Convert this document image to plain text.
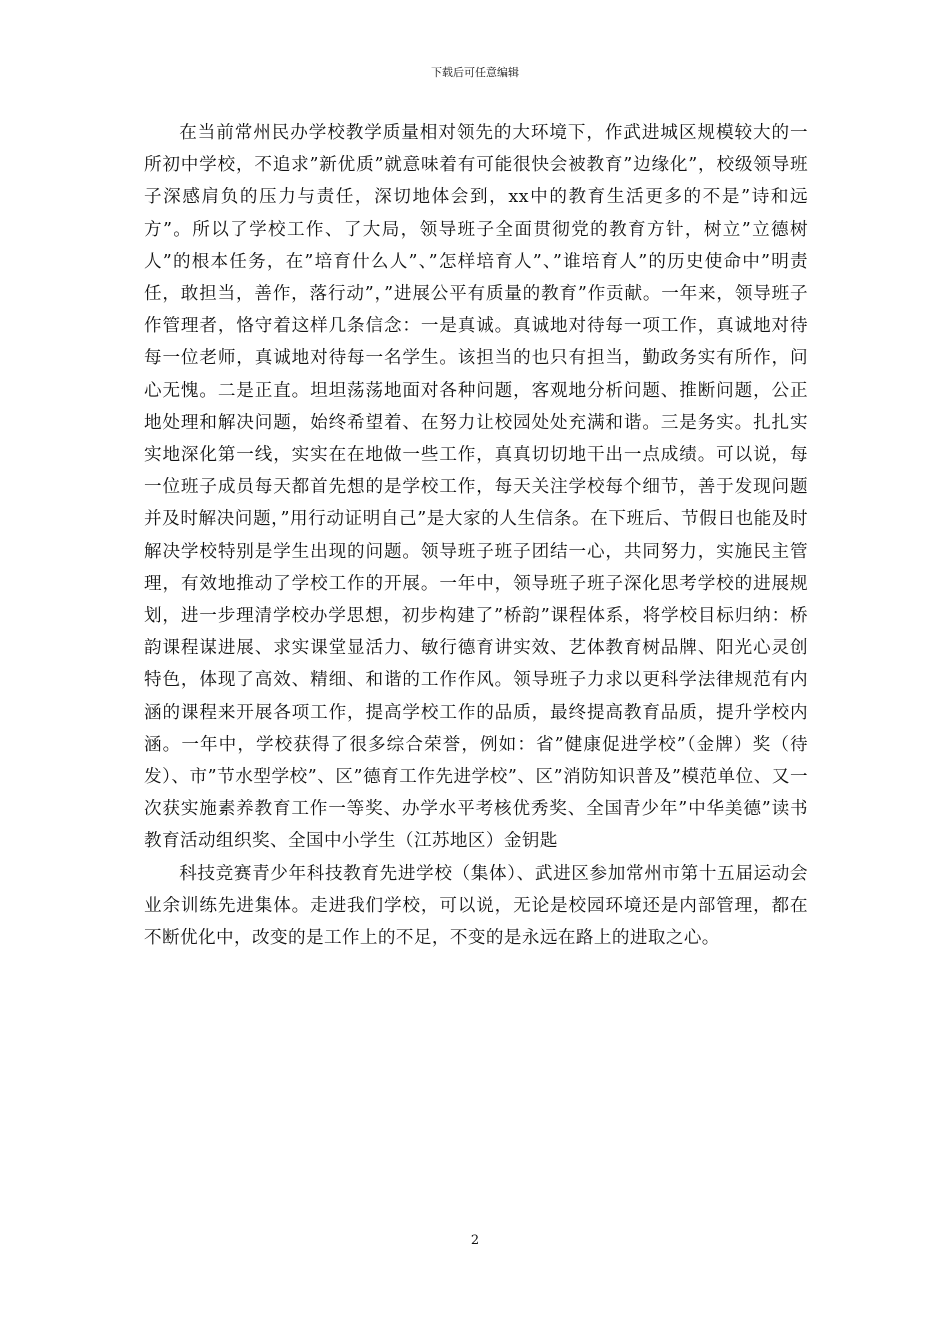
下载后可任意编辑

在当前常州民办学校教学质量相对领先的大环境下，作武进城区规模较大的一所初中学校，不追求”新优质”就意味着有可能很快会被教育”边缘化”，校级领导班子深感肩负的压力与责任，深切地体会到，xx中的教育生活更多的不是”诗和远方”。所以了学校工作、了大局，领导班子全面贯彻党的教育方针，树立”立德树人”的根本任务，在”培育什么人”、”怎样培育人”、”谁培育人”的历史使命中”明责任，敢担当，善作，落行动”，”进展公平有质量的教育”作贡献。一年来，领导班子作管理者，恪守着这样几条信念：一是真诚。真诚地对待每一项工作，真诚地对待每一位老师，真诚地对待每一名学生。该担当的也只有担当，勤政务实有所作，问心无愧。二是正直。坦坦荡荡地面对各种问题，客观地分析问题、推断问题，公正地处理和解决问题，始终希望着、在努力让校园处处充满和谐。三是务实。扎扎实实地深化第一线，实实在在地做一些工作，真真切切地干出一点成绩。可以说，每一位班子成员每天都首先想的是学校工作，每天关注学校每个细节，善于发现问题并及时解决问题，”用行动证明自己”是大家的人生信条。在下班后、节假日也能及时解决学校特别是学生出现的问题。领导班子班子团结一心，共同努力，实施民主管理，有效地推动了学校工作的开展。一年中，领导班子班子深化思考学校的进展规划，进一步理清学校办学思想，初步构建了”桥韵”课程体系，将学校目标归纳：桥韵课程谋进展、求实课堂显活力、敏行德育讲实效、艺体教育树品牌、阳光心灵创特色，体现了高效、精细、和谐的工作作风。领导班子力求以更科学法律规范有内涵的课程来开展各项工作，提高学校工作的品质，最终提高教育品质，提升学校内涵。一年中，学校获得了很多综合荣誉，例如：省”健康促进学校”（金牌）奖（待发）、市”节水型学校”、区”德育工作先进学校”、区”消防知识普及”模范单位、又一次获实施素养教育工作一等奖、办学水平考核优秀奖、全国青少年”中华美德”读书教育活动组织奖、全国中小学生（江苏地区）金钥匙

科技竞赛青少年科技教育先进学校（集体）、武进区参加常州市第十五届运动会业余训练先进集体。走进我们学校，可以说，无论是校园环境还是内部管理，都在不断优化中，改变的是工作上的不足，不变的是永远在路上的进取之心。

2
